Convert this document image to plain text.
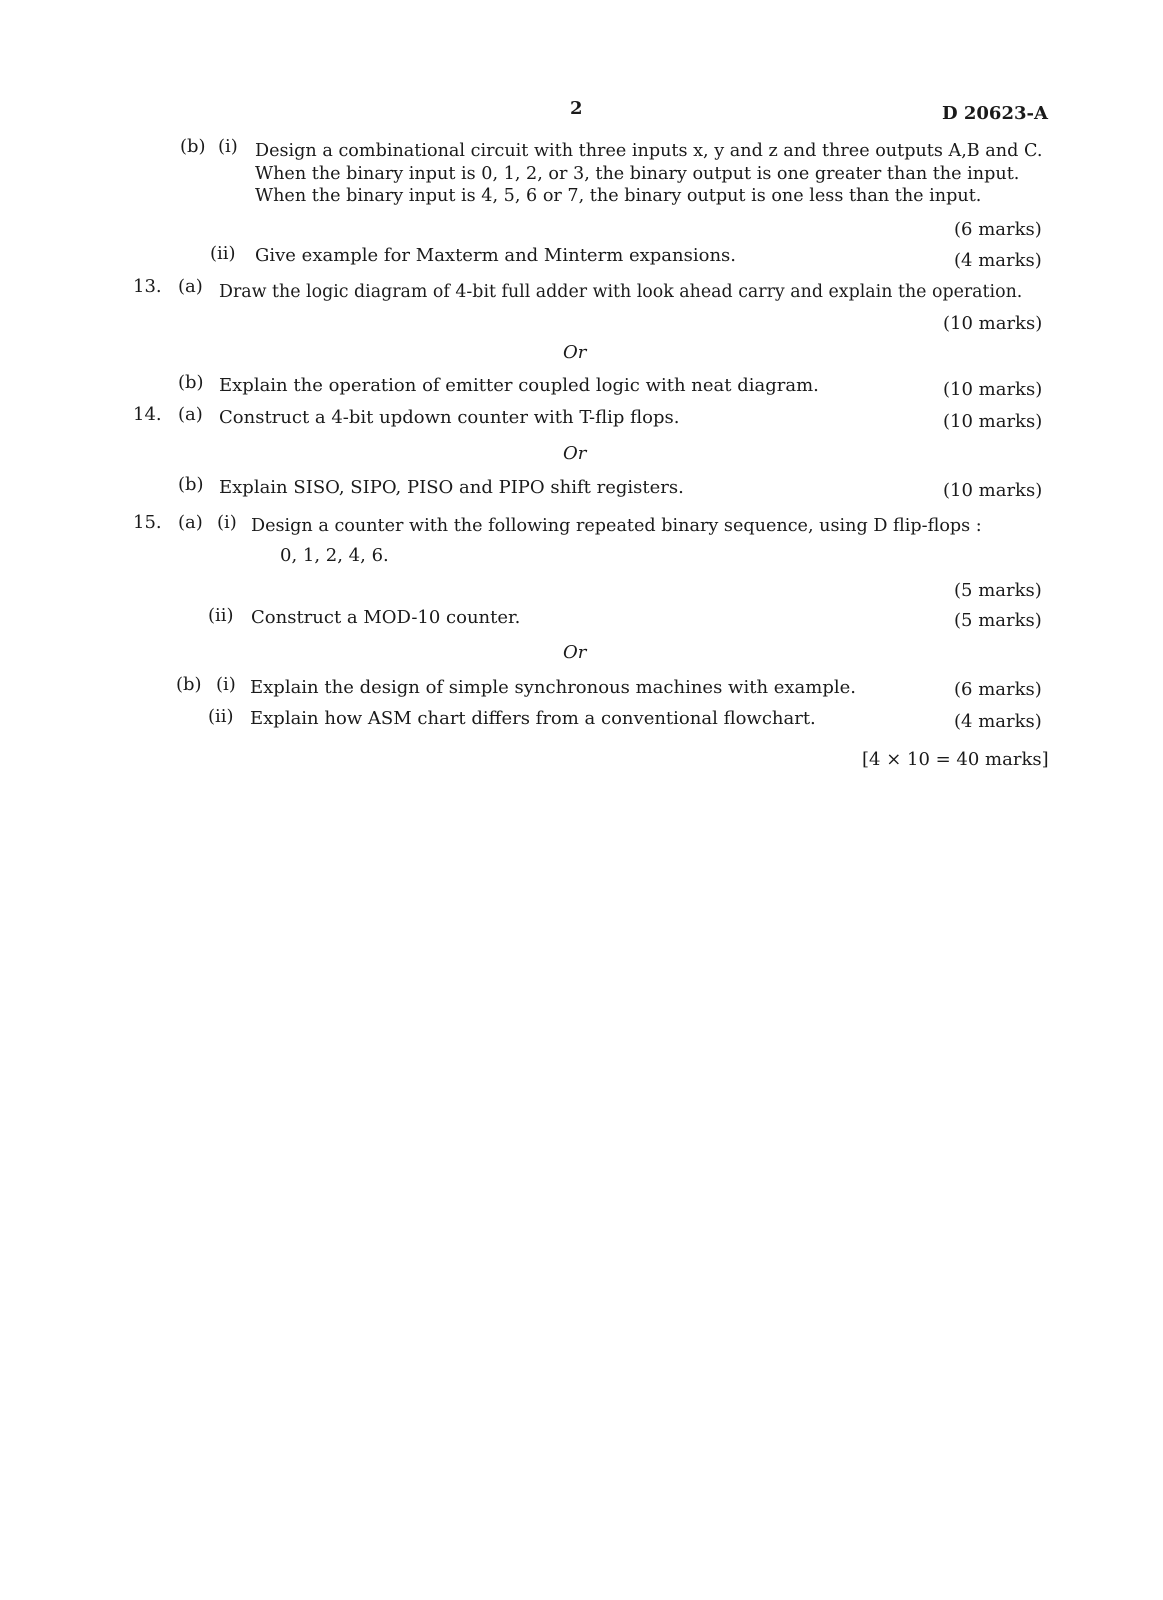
2	D 20623-A
(b) (i) Design a combinational circuit with three inputs x, y and z and three outputs A,B and C.
When the binary input is 0, 1, 2, or 3, the binary output is one greater than the input.
When the binary input is 4, 5, 6 or 7, the binary output is one less than the input.
(6 marks)
(ii) Give example for Maxterm and Minterm expansions.	(4 marks)
13. (a) Draw the logic diagram of 4-bit full adder with look ahead carry and explain the operation.
(10 marks)
Or
(b) Explain the operation of emitter coupled logic with neat diagram.	(10 marks)
14. (a) Construct a 4-bit updown counter with T-flip flops.	(10 marks)
Or
(b) Explain SISO, SIPO, PISO and PIPO shift registers.	(10 marks)
15. (a) (i) Design a counter with the following repeated binary sequence, using D flip-flops :
0, 1, 2, 4, 6.
(5 marks)
(ii) Construct a MOD-10 counter.	(5 marks)
Or
(b) (i) Explain the design of simple synchronous machines with example.	(6 marks)
(ii) Explain how ASM chart differs from a conventional flowchart.	(4 marks)
[4 × 10 = 40 marks]
